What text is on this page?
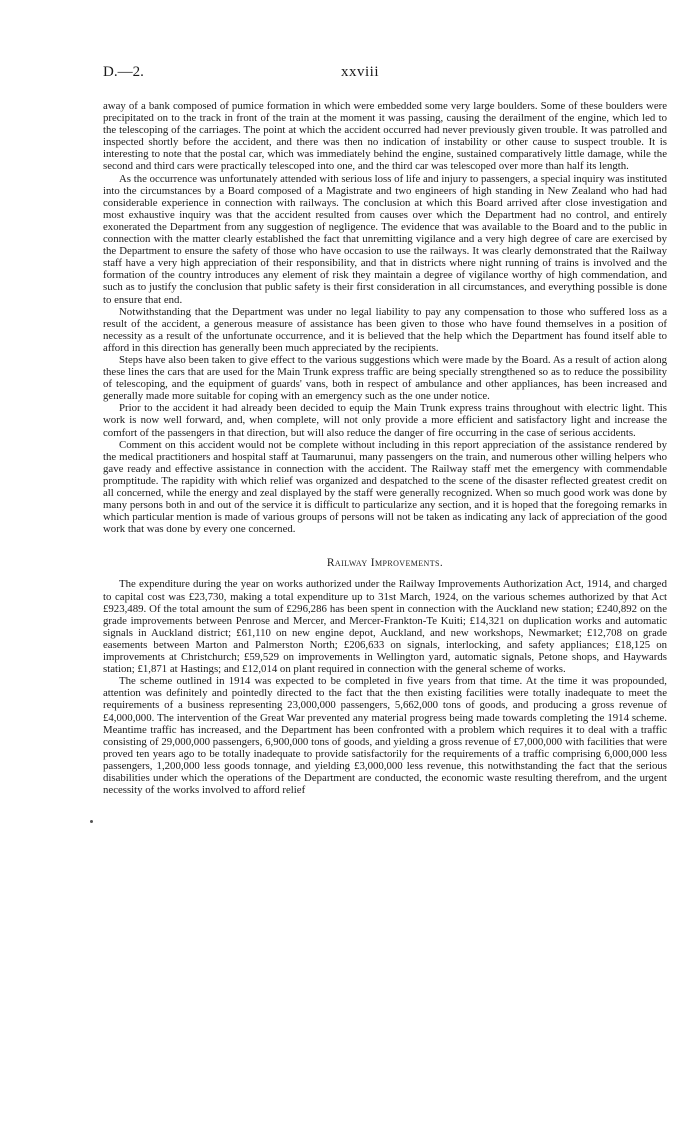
D.—2.	xxviii

away of a bank composed of pumice formation in which were embedded some very large boulders. Some of these boulders were precipitated on to the track in front of the train at the moment it was passing, causing the derailment of the engine, which led to the telescoping of the carriages. The point at which the accident occurred had never previously given trouble. It was patrolled and inspected shortly before the accident, and there was then no indication of instability or other cause to suspect trouble. It is interesting to note that the postal car, which was immediately behind the engine, sustained comparatively little damage, while the second and third cars were practically telescoped into one, and the third car was telescoped over more than half its length.

As the occurrence was unfortunately attended with serious loss of life and injury to passengers, a special inquiry was instituted into the circumstances by a Board composed of a Magistrate and two engineers of high standing in New Zealand who had had considerable experience in connection with railways. The conclusion at which this Board arrived after close investigation and most exhaustive inquiry was that the accident resulted from causes over which the Department had no control, and entirely exonerated the Department from any suggestion of negligence. The evidence that was available to the Board and to the public in connection with the matter clearly established the fact that unremitting vigilance and a very high degree of care are exercised by the Department to ensure the safety of those who have occasion to use the railways. It was clearly demonstrated that the Railway staff have a very high appreciation of their responsibility, and that in districts where night running of trains is involved and the formation of the country introduces any element of risk they maintain a degree of vigilance worthy of high commendation, and such as to justify the conclusion that public safety is their first consideration in all circumstances, and everything possible is done to ensure that end.

Notwithstanding that the Department was under no legal liability to pay any compensation to those who suffered loss as a result of the accident, a generous measure of assistance has been given to those who have found themselves in a position of necessity as a result of the unfortunate occurrence, and it is believed that the help which the Department has found itself able to afford in this direction has generally been much appreciated by the recipients.

Steps have also been taken to give effect to the various suggestions which were made by the Board. As a result of action along these lines the cars that are used for the Main Trunk express traffic are being specially strengthened so as to reduce the possibility of telescoping, and the equipment of guards' vans, both in respect of ambulance and other appliances, has been increased and generally made more suitable for coping with an emergency such as the one under notice.

Prior to the accident it had already been decided to equip the Main Trunk express trains throughout with electric light. This work is now well forward, and, when complete, will not only provide a more efficient and satisfactory light and increase the comfort of the passengers in that direction, but will also reduce the danger of fire occurring in the case of serious accidents.

Comment on this accident would not be complete without including in this report appreciation of the assistance rendered by the medical practitioners and hospital staff at Taumarunui, many passengers on the train, and numerous other willing helpers who gave ready and effective assistance in connection with the accident. The Railway staff met the emergency with commendable promptitude. The rapidity with which relief was organized and despatched to the scene of the disaster reflected greatest credit on all concerned, while the energy and zeal displayed by the staff were generally recognized. When so much good work was done by many persons both in and out of the service it is difficult to particularize any section, and it is hoped that the foregoing remarks in which particular mention is made of various groups of persons will not be taken as indicating any lack of appreciation of the good work that was done by every one concerned.

Railway Improvements.

The expenditure during the year on works authorized under the Railway Improvements Authorization Act, 1914, and charged to capital cost was £23,730, making a total expenditure up to 31st March, 1924, on the various schemes authorized by that Act £923,489. Of the total amount the sum of £296,286 has been spent in connection with the Auckland new station; £240,892 on the grade improvements between Penrose and Mercer, and Mercer-Frankton-Te Kuiti; £14,321 on duplication works and automatic signals in Auckland district; £61,110 on new engine depot, Auckland, and new workshops, Newmarket; £12,708 on grade easements between Marton and Palmerston North; £206,633 on signals, interlocking, and safety appliances; £18,125 on improvements at Christchurch; £59,529 on improvements in Wellington yard, automatic signals, Petone shops, and Haywards station; £1,871 at Hastings; and £12,014 on plant required in connection with the general scheme of works.

The scheme outlined in 1914 was expected to be completed in five years from that time. At the time it was propounded, attention was definitely and pointedly directed to the fact that the then existing facilities were totally inadequate to meet the requirements of a business representing 23,000,000 passengers, 5,662,000 tons of goods, and producing a gross revenue of £4,000,000. The intervention of the Great War prevented any material progress being made towards completing the 1914 scheme. Meantime traffic has increased, and the Department has been confronted with a problem which requires it to deal with a traffic consisting of 29,000,000 passengers, 6,900,000 tons of goods, and yielding a gross revenue of £7,000,000 with facilities that were proved ten years ago to be totally inadequate to provide satisfactorily for the requirements of a traffic comprising 6,000,000 less passengers, 1,200,000 less goods tonnage, and yielding £3,000,000 less revenue, this notwithstanding the fact that the serious disabilities under which the operations of the Department are conducted, the economic waste resulting therefrom, and the urgent necessity of the works involved to afford relief
